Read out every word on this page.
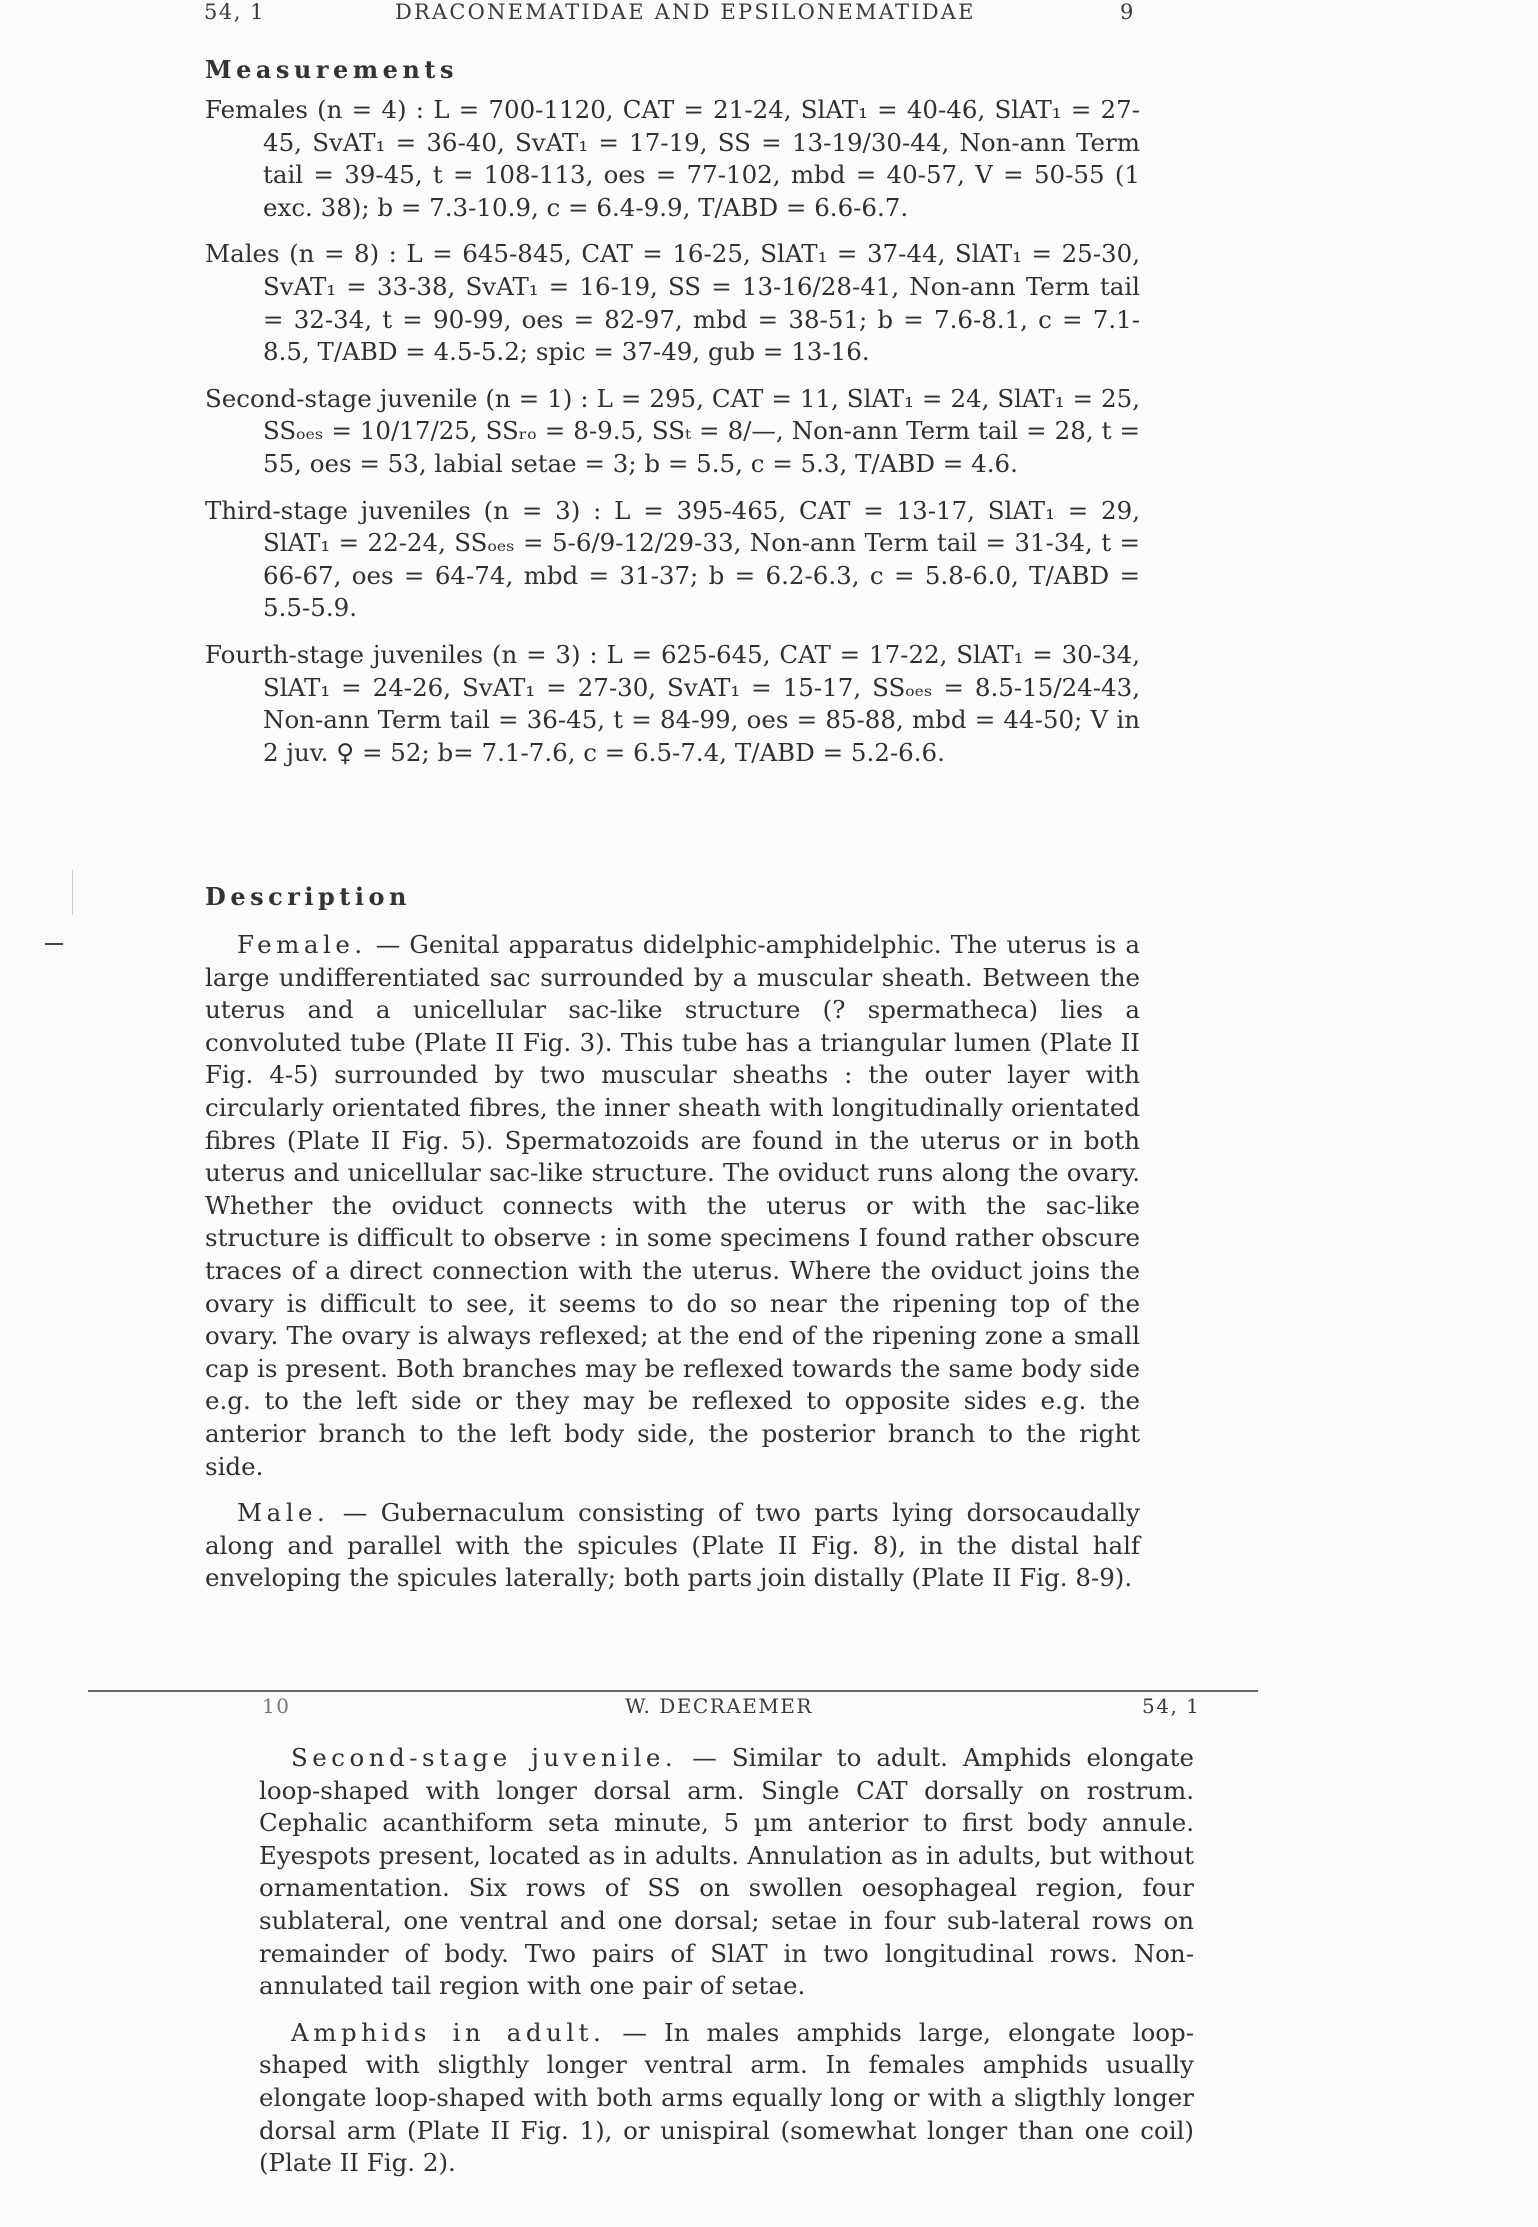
54, 1	DRACONEMATIDAE AND EPSILONEMATIDAE	9
Measurements

Females (n = 4) : L = 700-1120, CAT = 21-24, SlAT₁ = 40-46, SlAT₁ = 27-45, SvAT₁ = 36-40, SvAT₁ = 17-19, SS = 13-19/30-44, Non-ann Term tail = 39-45, t = 108-113, oes = 77-102, mbd = 40-57, V = 50-55 (1 exc. 38); b = 7.3-10.9, c = 6.4-9.9, T/ABD = 6.6-6.7.

Males (n = 8) : L = 645-845, CAT = 16-25, SlAT₁ = 37-44, SlAT₁ = 25-30, SvAT₁ = 33-38, SvAT₁ = 16-19, SS = 13-16/28-41, Non-ann Term tail = 32-34, t = 90-99, oes = 82-97, mbd = 38-51; b = 7.6-8.1, c = 7.1-8.5, T/ABD = 4.5-5.2; spic = 37-49, gub = 13-16.

Second-stage juvenile (n = 1) : L = 295, CAT = 11, SlAT₁ = 24, SlAT₁ = 25, SSₒₑₛ = 10/17/25, SSᵣₒ = 8-9.5, SSₜ = 8/—, Non-ann Term tail = 28, t = 55, oes = 53, labial setae = 3; b = 5.5, c = 5.3, T/ABD = 4.6.

Third-stage juveniles (n = 3) : L = 395-465, CAT = 13-17, SlAT₁ = 29, SlAT₁ = 22-24, SSₒₑₛ = 5-6/9-12/29-33, Non-ann Term tail = 31-34, t = 66-67, oes = 64-74, mbd = 31-37; b = 6.2-6.3, c = 5.8-6.0, T/ABD = 5.5-5.9.

Fourth-stage juveniles (n = 3) : L = 625-645, CAT = 17-22, SlAT₁ = 30-34, SlAT₁ = 24-26, SvAT₁ = 27-30, SvAT₁ = 15-17, SSₒₑₛ = 8.5-15/24-43, Non-ann Term tail = 36-45, t = 84-99, oes = 85-88, mbd = 44-50; V in 2 juv. ♀ = 52; b= 7.1-7.6, c = 6.5-7.4, T/ABD = 5.2-6.6.

Description

Female. — Genital apparatus didelphic-amphidelphic. The uterus is a large undifferentiated sac surrounded by a muscular sheath. Between the uterus and a unicellular sac-like structure (? spermatheca) lies a convoluted tube (Plate II Fig. 3). This tube has a triangular lumen (Plate II Fig. 4-5) surrounded by two muscular sheaths : the outer layer with circularly orientated fibres, the inner sheath with longitudinally orientated fibres (Plate II Fig. 5). Spermatozoids are found in the uterus or in both uterus and unicellular sac-like structure. The oviduct runs along the ovary. Whether the oviduct connects with the uterus or with the sac-like structure is difficult to observe : in some specimens I found rather obscure traces of a direct connection with the uterus. Where the oviduct joins the ovary is difficult to see, it seems to do so near the ripening top of the ovary. The ovary is always reflexed; at the end of the ripening zone a small cap is present. Both branches may be reflexed towards the same body side e.g. to the left side or they may be reflexed to opposite sides e.g. the anterior branch to the left body side, the posterior branch to the right side.

Male. — Gubernaculum consisting of two parts lying dorsocaudally along and parallel with the spicules (Plate II Fig. 8), in the distal half enveloping the spicules laterally; both parts join distally (Plate II Fig. 8-9).

10	W. DECRAEMER	54, 1

Second-stage juvenile. — Similar to adult. Amphids elongate loop-shaped with longer dorsal arm. Single CAT dorsally on rostrum. Cephalic acanthiform seta minute, 5 µm anterior to first body annule. Eyespots present, located as in adults. Annulation as in adults, but without ornamentation. Six rows of SS on swollen oesophageal region, four sublateral, one ventral and one dorsal; setae in four sub-lateral rows on remainder of body. Two pairs of SlAT in two longitudinal rows. Non-annulated tail region with one pair of setae.

Amphids in adult. — In males amphids large, elongate loop-shaped with sligthly longer ventral arm. In females amphids usually elongate loop-shaped with both arms equally long or with a sligthly longer dorsal arm (Plate II Fig. 1), or unispiral (somewhat longer than one coil) (Plate II Fig. 2).
